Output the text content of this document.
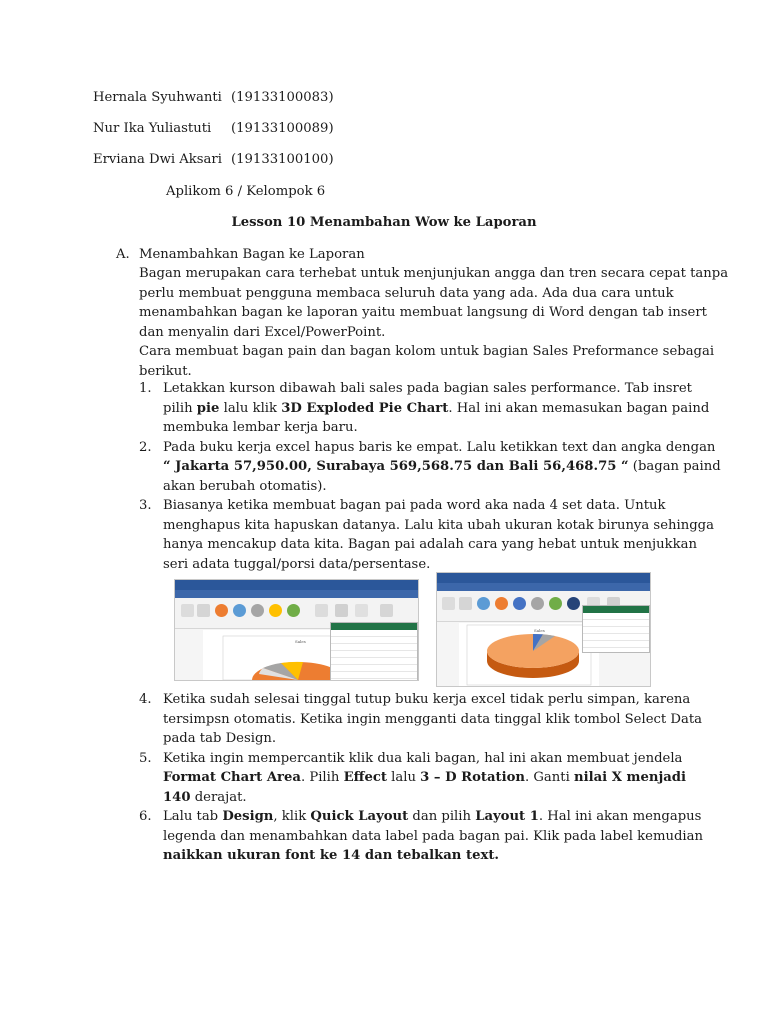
Hernala Syuhwanti (19133100083)
Nur Ika Yuliastuti (19133100089)
Erviana Dwi Aksari (19133100100)
Aplikom 6 / Kelompok 6
Lesson 10 Menambahan Wow ke Laporan
A. Menambahkan Bagan ke Laporan
Bagan merupakan cara terhebat untuk menjunjukan angga dan tren secara cepat tanpa
perlu membuat pengguna membaca seluruh data yang ada. Ada dua cara untuk
menambahkan bagan ke laporan yaitu membuat langsung di Word dengan tab insert
dan menyalin dari Excel/PowerPoint.
Cara membuat bagan pain dan bagan kolom untuk bagian Sales Preformance sebagai
berikut.
1. Letakkan kurson dibawah bali sales pada bagian sales performance. Tab insret
pilih pie lalu klik 3D Exploded Pie Chart. Hal ini akan memasukan bagan paind
membuka lembar kerja baru.
2. Pada buku kerja excel hapus baris ke empat. Lalu ketikkan text dan angka dengan
“ Jakarta 57,950.00, Surabaya 569,568.75 dan Bali 56,468.75 “ (bagan paind
akan berubah otomatis).
3. Biasanya ketika membuat bagan pai pada word aka nada 4 set data. Untuk
menghapus kita hapuskan datanya. Lalu kita ubah ukuran kotak birunya sehingga
hanya mencakup data kita. Bagan pai adalah cara yang hebat untuk menjukkan
seri adata tuggal/porsi data/persentase.
Sales
Sales
4. Ketika sudah selesai tinggal tutup buku kerja excel tidak perlu simpan, karena
tersimpsn otomatis. Ketika ingin mengganti data tinggal klik tombol Select Data
pada tab Design.
5. Ketika ingin mempercantik klik dua kali bagan, hal ini akan membuat jendela
Format Chart Area. Pilih Effect lalu 3 – D Rotation. Ganti nilai X menjadi
140 derajat.
6. Lalu tab Design, klik Quick Layout dan pilih Layout 1. Hal ini akan mengapus
legenda dan menambahkan data label pada bagan pai. Klik pada label kemudian
naikkan ukuran font ke 14 dan tebalkan text.
